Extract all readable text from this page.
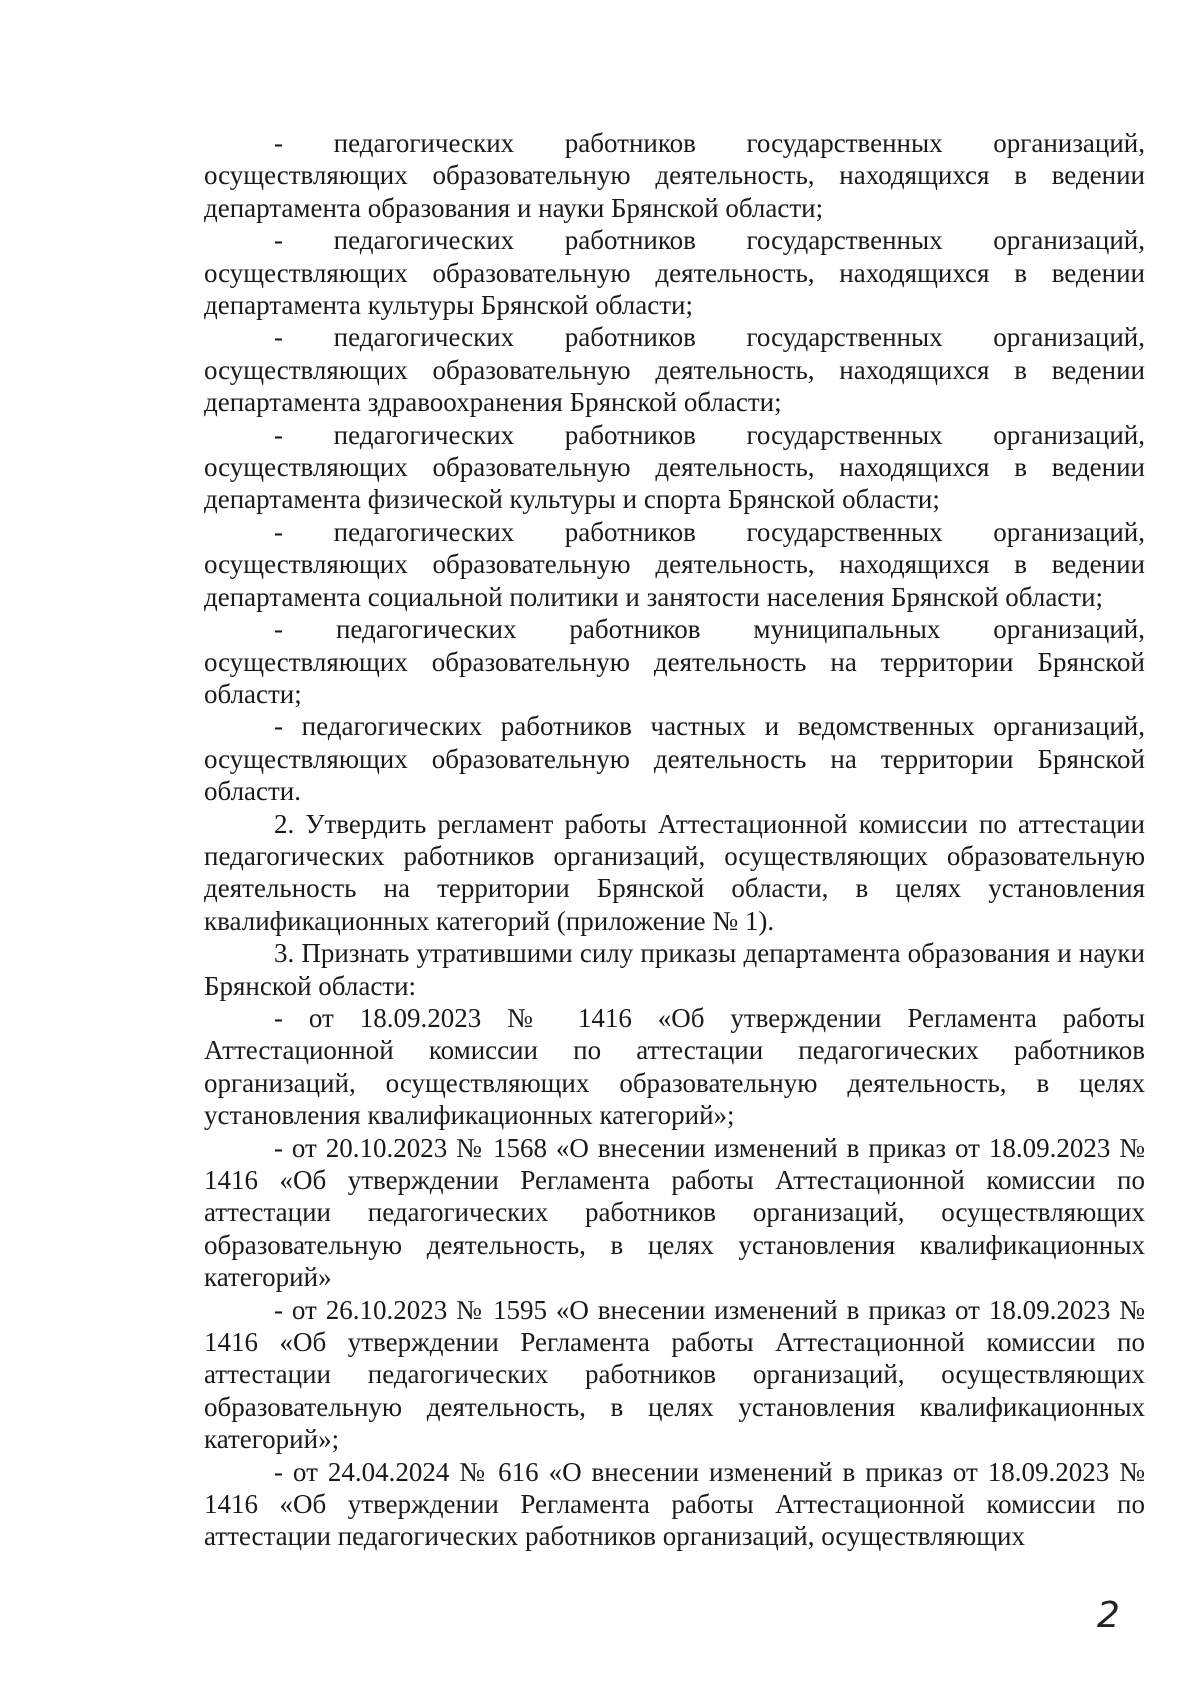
- педагогических работников государственных организаций, осуществляющих образовательную деятельность, находящихся в ведении департамента образования и науки Брянской области;

- педагогических работников государственных организаций, осуществляющих образовательную деятельность, находящихся в ведении департамента культуры Брянской области;

- педагогических работников государственных организаций, осуществляющих образовательную деятельность, находящихся в ведении департамента здравоохранения Брянской области;

- педагогических работников государственных организаций, осуществляющих образовательную деятельность, находящихся в ведении департамента физической культуры и спорта Брянской области;

- педагогических работников государственных организаций, осуществляющих образовательную деятельность, находящихся в ведении департамента социальной политики и занятости населения Брянской области;

- педагогических работников муниципальных организаций, осуществляющих образовательную деятельность на территории Брянской области;

- педагогических работников частных и ведомственных организаций, осуществляющих образовательную деятельность на территории Брянской области.

2. Утвердить регламент работы Аттестационной комиссии по аттестации педагогических работников организаций, осуществляющих образовательную деятельность на территории Брянской области, в целях установления квалификационных категорий (приложение № 1).

3. Признать утратившими силу приказы департамента образования и науки Брянской области:

- от 18.09.2023 № 1416 «Об утверждении Регламента работы Аттестационной комиссии по аттестации педагогических работников организаций, осуществляющих образовательную деятельность, в целях установления квалификационных категорий»;

- от 20.10.2023 № 1568 «О внесении изменений в приказ от 18.09.2023 № 1416 «Об утверждении Регламента работы Аттестационной комиссии по аттестации педагогических работников организаций, осуществляющих образовательную деятельность, в целях установления квалификационных категорий»

- от 26.10.2023 № 1595 «О внесении изменений в приказ от 18.09.2023 № 1416 «Об утверждении Регламента работы Аттестационной комиссии по аттестации педагогических работников организаций, осуществляющих образовательную деятельность, в целях установления квалификационных категорий»;

- от 24.04.2024 № 616 «О внесении изменений в приказ от 18.09.2023 № 1416 «Об утверждении Регламента работы Аттестационной комиссии по аттестации педагогических работников организаций, осуществляющих

2
